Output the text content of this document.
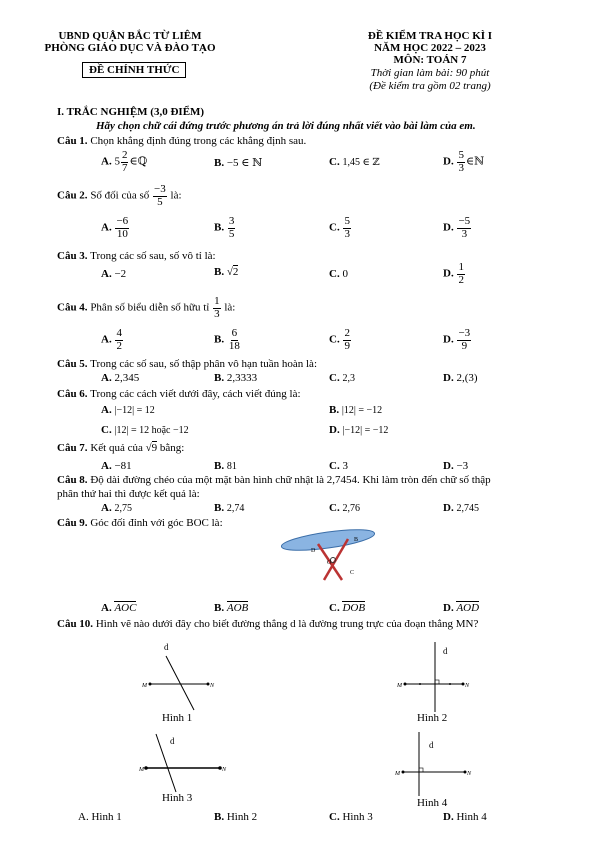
UBND QUẬN BẮC TỪ LIÊM
PHÒNG GIÁO DỤC VÀ ĐÀO TẠO
ĐỀ CHÍNH THỨC
ĐỀ KIỂM TRA HỌC KÌ I
NĂM HỌC 2022 – 2023
MÔN: TOÁN 7
Thời gian làm bài: 90 phút
(Đề kiểm tra gồm 02 trang)
I. TRẮC NGHIỆM (3,0 ĐIỂM)
Hãy chọn chữ cái đứng trước phương án trả lời đúng nhất viết vào bài làm của em.
Câu 1. Chọn khẳng định đúng trong các khẳng định sau.
A. $5 \frac{2}{7}$ ∈ℚ	B. −5 ∈ ℕ	C. 1,45 ∈ ℤ	D. $\frac{5}{3}$ ∈ℕ
Câu 2. Số đối của số $\frac{-3}{5}$ là:
A. $\frac{-6}{10}$	B. $\frac{3}{5}$	C. $\frac{5}{3}$	D. $\frac{-5}{3}$
Câu 3. Trong các số sau, số vô tỉ là:
A. −2	B. √2	C. 0	D. $\frac{1}{2}$
Câu 4. Phân số biểu diễn số hữu tỉ $\frac{1}{3}$ là:
A. $\frac{4}{2}$	B. $\frac{6}{18}$	C. $\frac{2}{9}$	D. $\frac{-3}{9}$
Câu 5. Trong các số sau, số thập phân vô hạn tuần hoàn là:
A. 2,345	B. 2,3333	C. 2,3	D. 2,(3)
Câu 6. Trong các cách viết dưới đây, cách viết đúng là:
A. |−12| = 12	B. |12| = −12
C. |12| = 12 hoặc −12	D. |−12| = −12
Câu 7. Kết quả của √9 bằng:
A. −81	B. 81	C. 3	D. −3
Câu 8. Độ dài đường chéo của một mặt bàn hình chữ nhật là 2,7454. Khi làm tròn đến chữ số thập
phân thứ hai thì được kết quả là:
A. 2,75	B. 2,74	C. 2,76	D. 2,745
Câu 9. Góc đối đỉnh với góc BOC là:
D
B
O
C
A. AOC	B. AOB	C. DOB	D. AOD
Câu 10. Hình vẽ nào dưới đây cho biết đường thẳng d là đường trung trực của đoạn thẳng MN?
d
M	N
Hình 1
d
M	N
Hình 2
d
M	N
Hình 3
d
M	N
Hình 4
A. Hình 1	B. Hình 2	C. Hình 3	D. Hình 4
